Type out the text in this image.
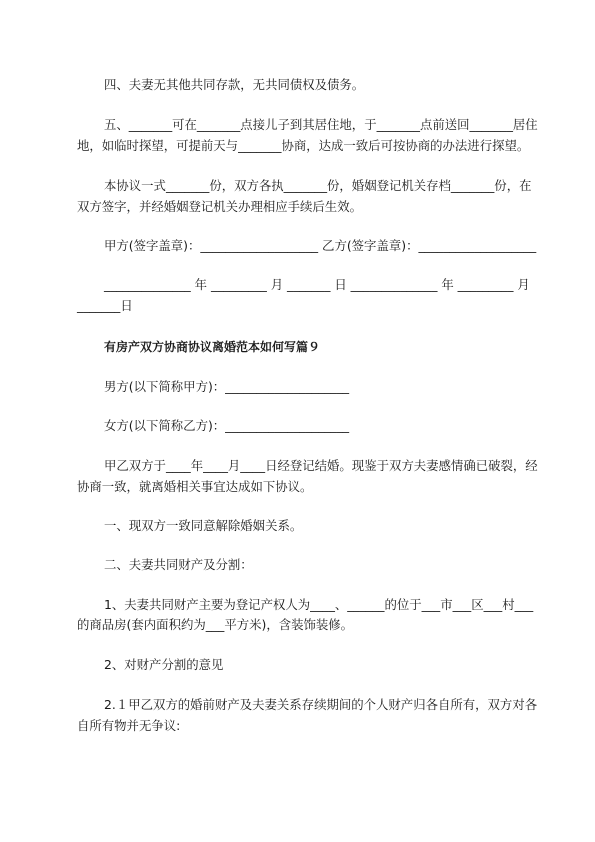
四、夫妻无其他共同存款，无共同债权及债务。
五、_______可在_______点接儿子到其居住地，于_______点前送回_______居住
地，如临时探望，可提前天与_______协商，达成一致后可按协商的办法进行探望。
本协议一式_______份，双方各执_______份，婚姻登记机关存档_______份，在
双方签字，并经婚姻登记机关办理相应手续后生效。
甲方(签字盖章)：___________________ 乙方(签字盖章)：___________________
______________ 年 _________ 月 _______ 日 ______________ 年 _________ 月
_______日
有房产双方协商协议离婚范本如何写篇９
男方(以下简称甲方)：____________________
女方(以下简称乙方)：____________________
甲乙双方于____年____月____日经登记结婚。现鉴于双方夫妻感情确已破裂，经
协商一致，就离婚相关事宜达成如下协议。
一、现双方一致同意解除婚姻关系。
二、夫妻共同财产及分割：
1、夫妻共同财产主要为登记产权人为____、______的位于___市___区___村___
的商品房(套内面积约为___平方米)，含装饰装修。
2、对财产分割的意见
2.１甲乙双方的婚前财产及夫妻关系存续期间的个人财产归各自所有，双方对各
自所有物并无争议:
